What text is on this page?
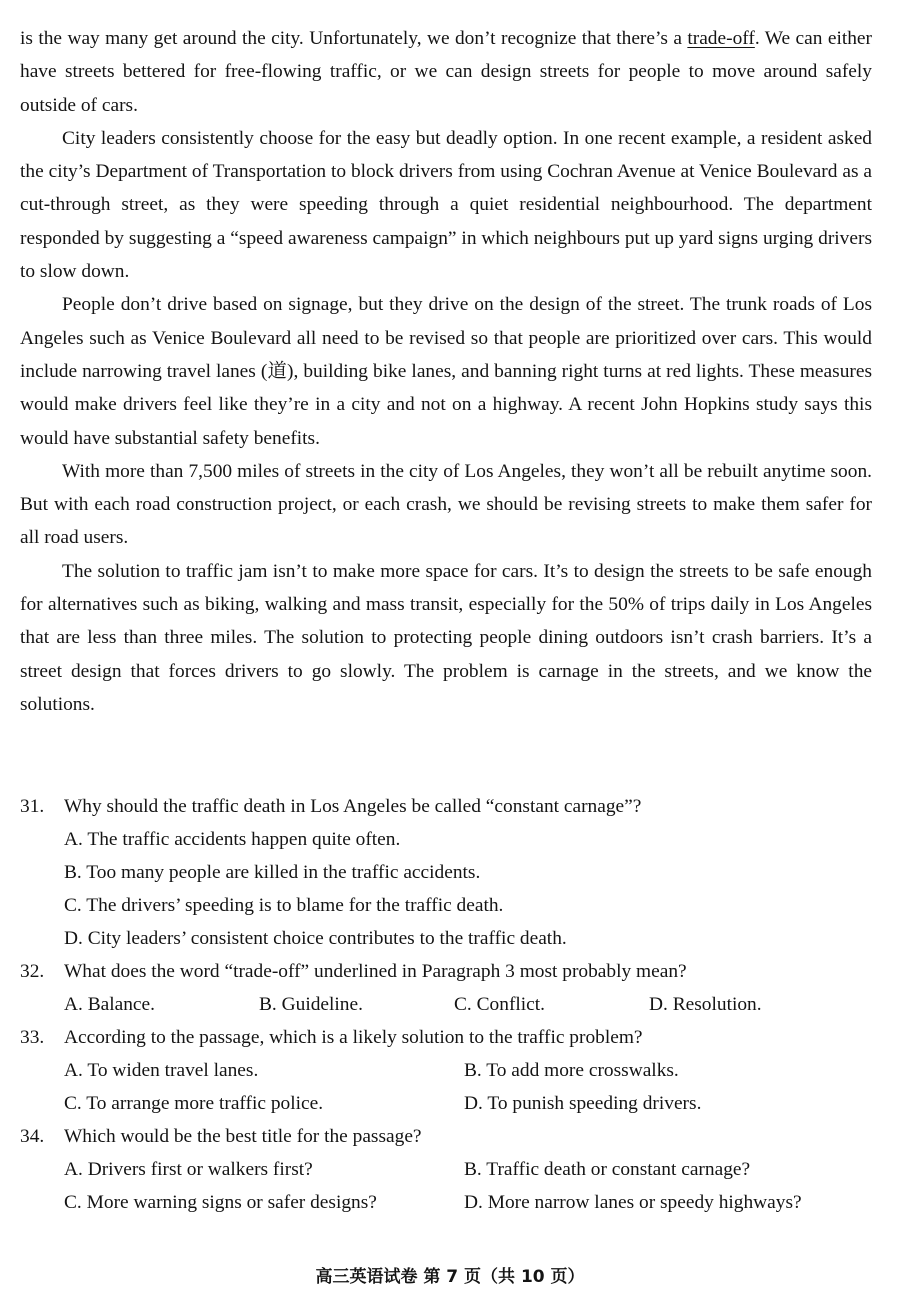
is the way many get around the city. Unfortunately, we don’t recognize that there’s a trade-off. We can either have streets bettered for free-flowing traffic, or we can design streets for people to move around safely outside of cars.

City leaders consistently choose for the easy but deadly option. In one recent example, a resident asked the city’s Department of Transportation to block drivers from using Cochran Avenue at Venice Boulevard as a cut-through street, as they were speeding through a quiet residential neighbourhood. The department responded by suggesting a “speed awareness campaign” in which neighbours put up yard signs urging drivers to slow down.

People don’t drive based on signage, but they drive on the design of the street. The trunk roads of Los Angeles such as Venice Boulevard all need to be revised so that people are prioritized over cars. This would include narrowing travel lanes (道), building bike lanes, and banning right turns at red lights. These measures would make drivers feel like they’re in a city and not on a highway. A recent John Hopkins study says this would have substantial safety benefits.

With more than 7,500 miles of streets in the city of Los Angeles, they won’t all be rebuilt anytime soon. But with each road construction project, or each crash, we should be revising streets to make them safer for all road users.

The solution to traffic jam isn’t to make more space for cars. It’s to design the streets to be safe enough for alternatives such as biking, walking and mass transit, especially for the 50% of trips daily in Los Angeles that are less than three miles. The solution to protecting people dining outdoors isn’t crash barriers. It’s a street design that forces drivers to go slowly. The problem is carnage in the streets, and we know the solutions.

31. Why should the traffic death in Los Angeles be called “constant carnage”?
A. The traffic accidents happen quite often.
B. Too many people are killed in the traffic accidents.
C. The drivers’ speeding is to blame for the traffic death.
D. City leaders’ consistent choice contributes to the traffic death.
32. What does the word “trade-off” underlined in Paragraph 3 most probably mean?
A. Balance.	B. Guideline.	C. Conflict.	D. Resolution.
33. According to the passage, which is a likely solution to the traffic problem?
A. To widen travel lanes.	B. To add more crosswalks.
C. To arrange more traffic police.	D. To punish speeding drivers.
34. Which would be the best title for the passage?
A. Drivers first or walkers first?	B. Traffic death or constant carnage?
C. More warning signs or safer designs?	D. More narrow lanes or speedy highways?
高三英语试卷 第 7 页（共 10 页）
